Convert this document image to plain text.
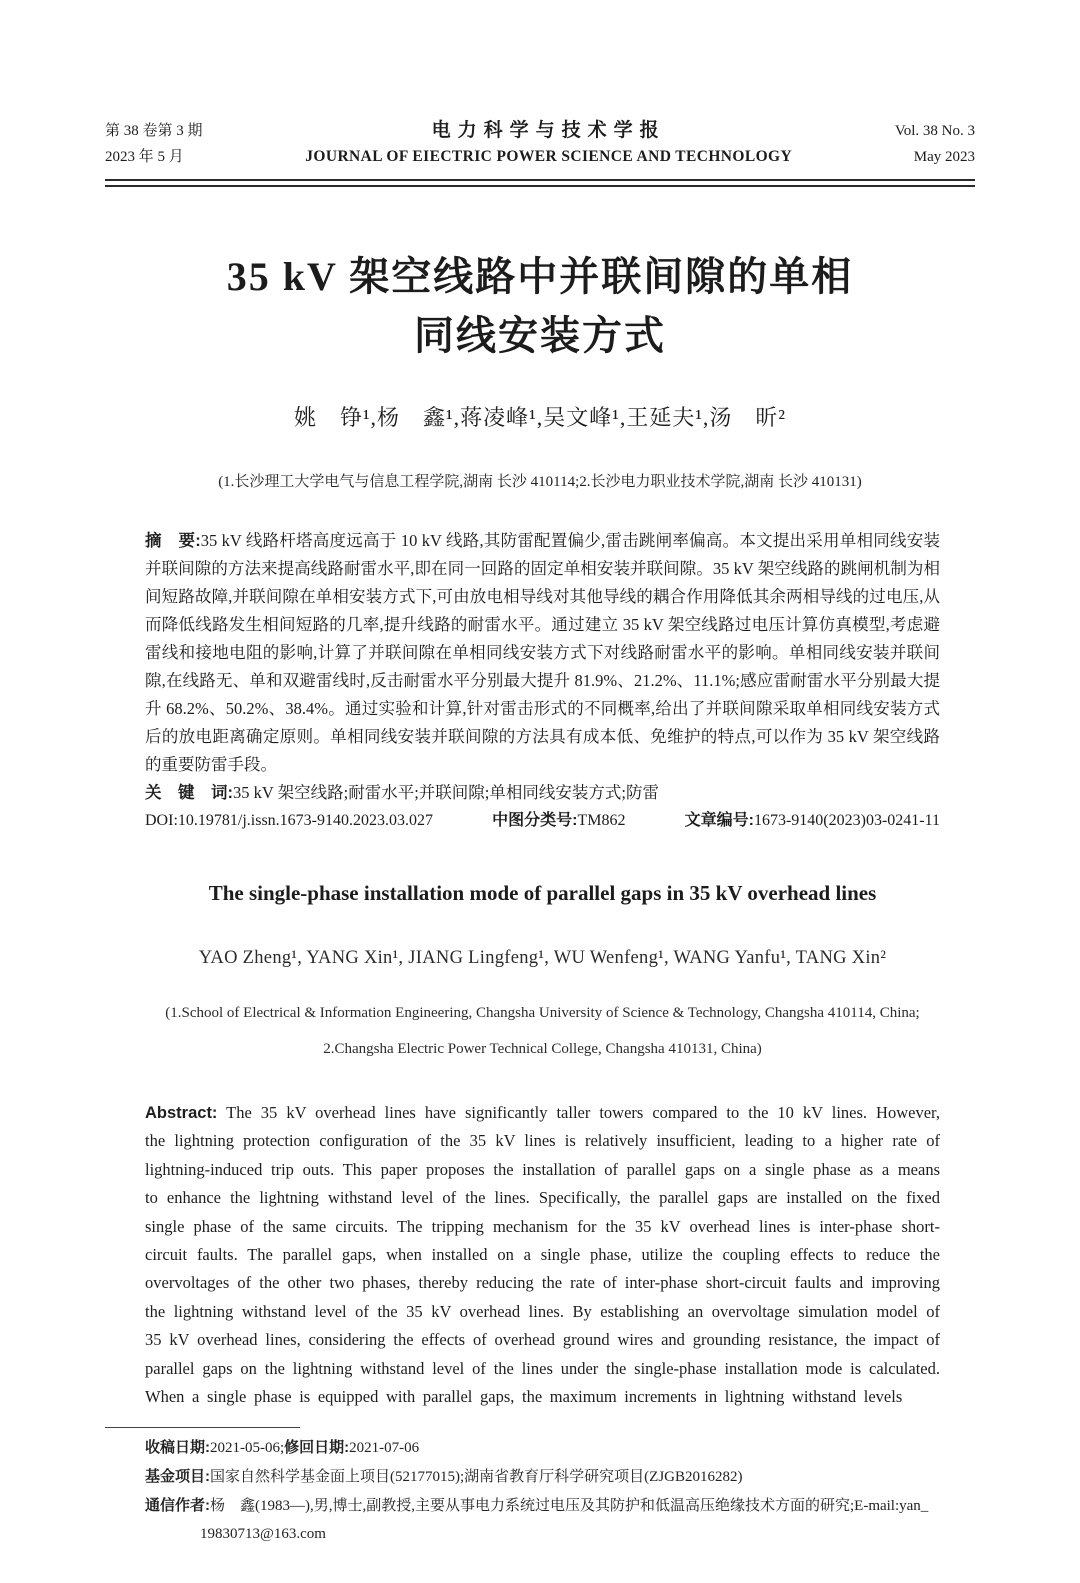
第 38 卷第 3 期
2023 年 5 月
电力科学与技术学报
JOURNAL OF EIECTRIC POWER SCIENCE AND TECHNOLOGY
Vol. 38 No. 3
May 2023
35 kV 架空线路中并联间隙的单相
同线安装方式
姚　铮¹,杨　鑫¹,蒋凌峰¹,吴文峰¹,王延夫¹,汤　昕²
(1.长沙理工大学电气与信息工程学院,湖南 长沙 410114;2.长沙电力职业技术学院,湖南 长沙 410131)

摘　要:35 kV 线路杆塔高度远高于 10 kV 线路,其防雷配置偏少,雷击跳闸率偏高。本文提出采用单相同线安装并联间隙的方法来提高线路耐雷水平,即在同一回路的固定单相安装并联间隙。35 kV 架空线路的跳闸机制为相间短路故障,并联间隙在单相安装方式下,可由放电相导线对其他导线的耦合作用降低其余两相导线的过电压,从而降低线路发生相间短路的几率,提升线路的耐雷水平。通过建立 35 kV 架空线路过电压计算仿真模型,考虑避雷线和接地电阻的影响,计算了并联间隙在单相同线安装方式下对线路耐雷水平的影响。单相同线安装并联间隙,在线路无、单和双避雷线时,反击耐雷水平分别最大提升 81.9%、21.2%、11.1%;感应雷耐雷水平分别最大提升 68.2%、50.2%、38.4%。通过实验和计算,针对雷击形式的不同概率,给出了并联间隙采取单相同线安装方式后的放电距离确定原则。单相同线安装并联间隙的方法具有成本低、免维护的特点,可以作为 35 kV 架空线路的重要防雷手段。

关　键　词:35 kV 架空线路;耐雷水平;并联间隙;单相同线安装方式;防雷

DOI:10.19781/j.issn.1673-9140.2023.03.027	中图分类号:TM862	文章编号:1673-9140(2023)03-0241-11
The single-phase installation mode of parallel gaps in 35 kV overhead lines
YAO Zheng¹, YANG Xin¹, JIANG Lingfeng¹, WU Wenfeng¹, WANG Yanfu¹, TANG Xin²
(1.School of Electrical & Information Engineering, Changsha University of Science & Technology, Changsha 410114, China;
2.Changsha Electric Power Technical College, Changsha 410131, China)

Abstract: The 35 kV overhead lines have significantly taller towers compared to the 10 kV lines. However, the lightning protection configuration of the 35 kV lines is relatively insufficient, leading to a higher rate of lightning-induced trip outs. This paper proposes the installation of parallel gaps on a single phase as a means to enhance the lightning withstand level of the lines. Specifically, the parallel gaps are installed on the fixed single phase of the same circuits. The tripping mechanism for the 35 kV overhead lines is inter-phase short-circuit faults. The parallel gaps, when installed on a single phase, utilize the coupling effects to reduce the overvoltages of the other two phases, thereby reducing the rate of inter-phase short-circuit faults and improving the lightning withstand level of the 35 kV overhead lines. By establishing an overvoltage simulation model of 35 kV overhead lines, considering the effects of overhead ground wires and grounding resistance, the impact of parallel gaps on the lightning withstand level of the lines under the single-phase installation mode is calculated. When a single phase is equipped with parallel gaps, the maximum increments in lightning withstand levels

收稿日期:2021-05-06;修回日期:2021-07-06

基金项目:国家自然科学基金面上项目(52177015);湖南省教育厅科学研究项目(ZJGB2016282)

通信作者:杨　鑫(1983—),男,博士,副教授,主要从事电力系统过电压及其防护和低温高压绝缘技术方面的研究;E-mail:yan_

19830713@163.com
